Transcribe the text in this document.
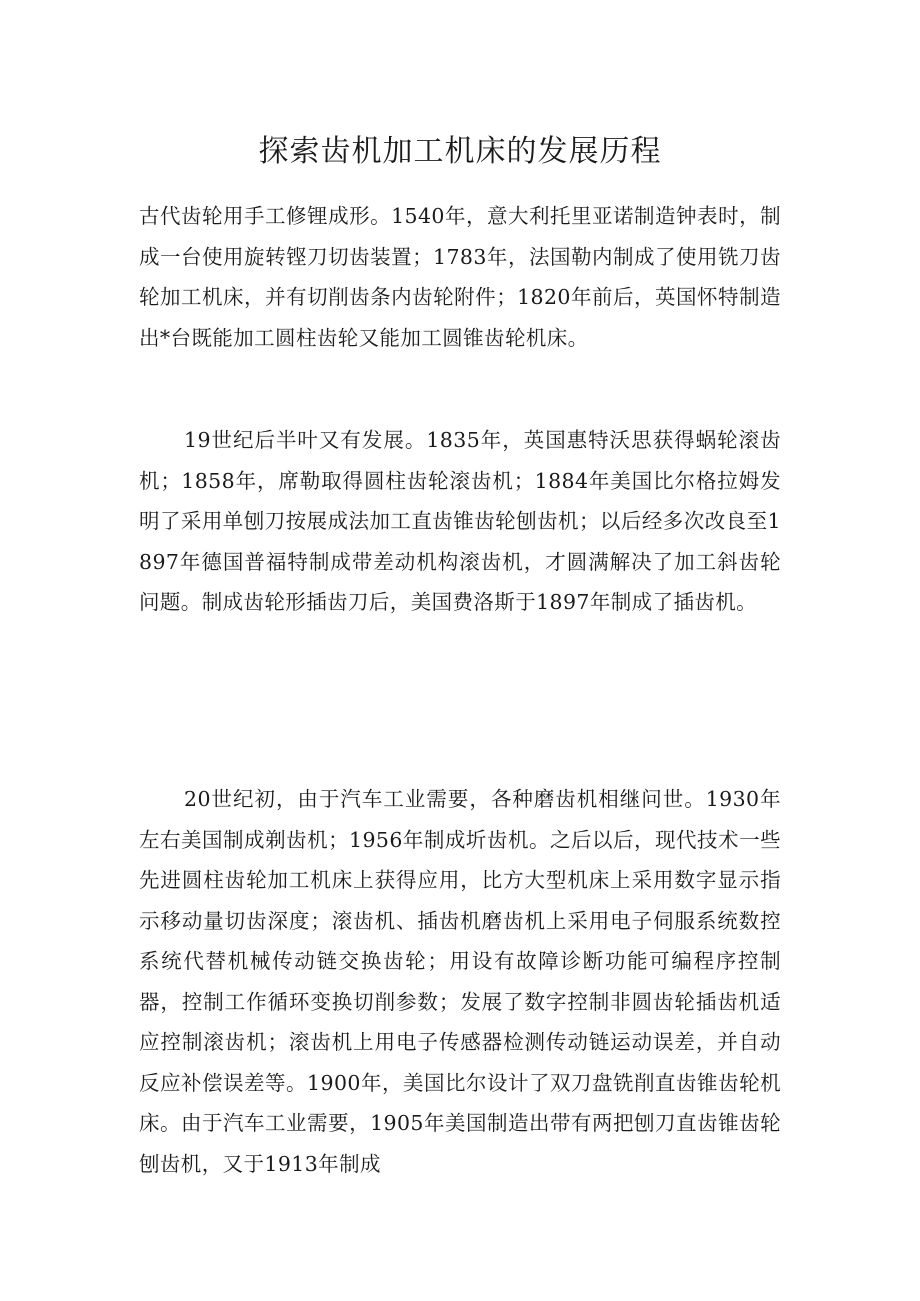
探索齿机加工机床的发展历程

古代齿轮用手工修锂成形。1540年，意大利托里亚诺制造钟表时，制成一台使用旋转铿刀切齿装置；1783年，法国勒内制成了使用铣刀齿轮加工机床，并有切削齿条内齿轮附件；1820年前后，英国怀特制造出*台既能加工圆柱齿轮又能加工圆锥齿轮机床。

19世纪后半叶又有发展。1835年，英国惠特沃思获得蜗轮滚齿机；1858年，席勒取得圆柱齿轮滚齿机；1884年美国比尔格拉姆发明了采用单刨刀按展成法加工直齿锥齿轮刨齿机；以后经多次改良至1897年德国普福特制成带差动机构滚齿机，才圆满解决了加工斜齿轮问题。制成齿轮形插齿刀后，美国费洛斯于1897年制成了插齿机。

20世纪初，由于汽车工业需要，各种磨齿机相继问世。1930年左右美国制成剃齿机；1956年制成圻齿机。之后以后，现代技术一些先进圆柱齿轮加工机床上获得应用，比方大型机床上采用数字显示指示移动量切齿深度；滚齿机、插齿机磨齿机上采用电子伺服系统数控系统代替机械传动链交换齿轮；用设有故障诊断功能可编程序控制器，控制工作循环变换切削参数；发展了数字控制非圆齿轮插齿机适应控制滚齿机；滚齿机上用电子传感器检测传动链运动误差，并自动反应补偿误差等。1900年，美国比尔设计了双刀盘铣削直齿锥齿轮机床。由于汽车工业需要，1905年美国制造出带有两把刨刀直齿锥齿轮刨齿机，又于1913年制成
